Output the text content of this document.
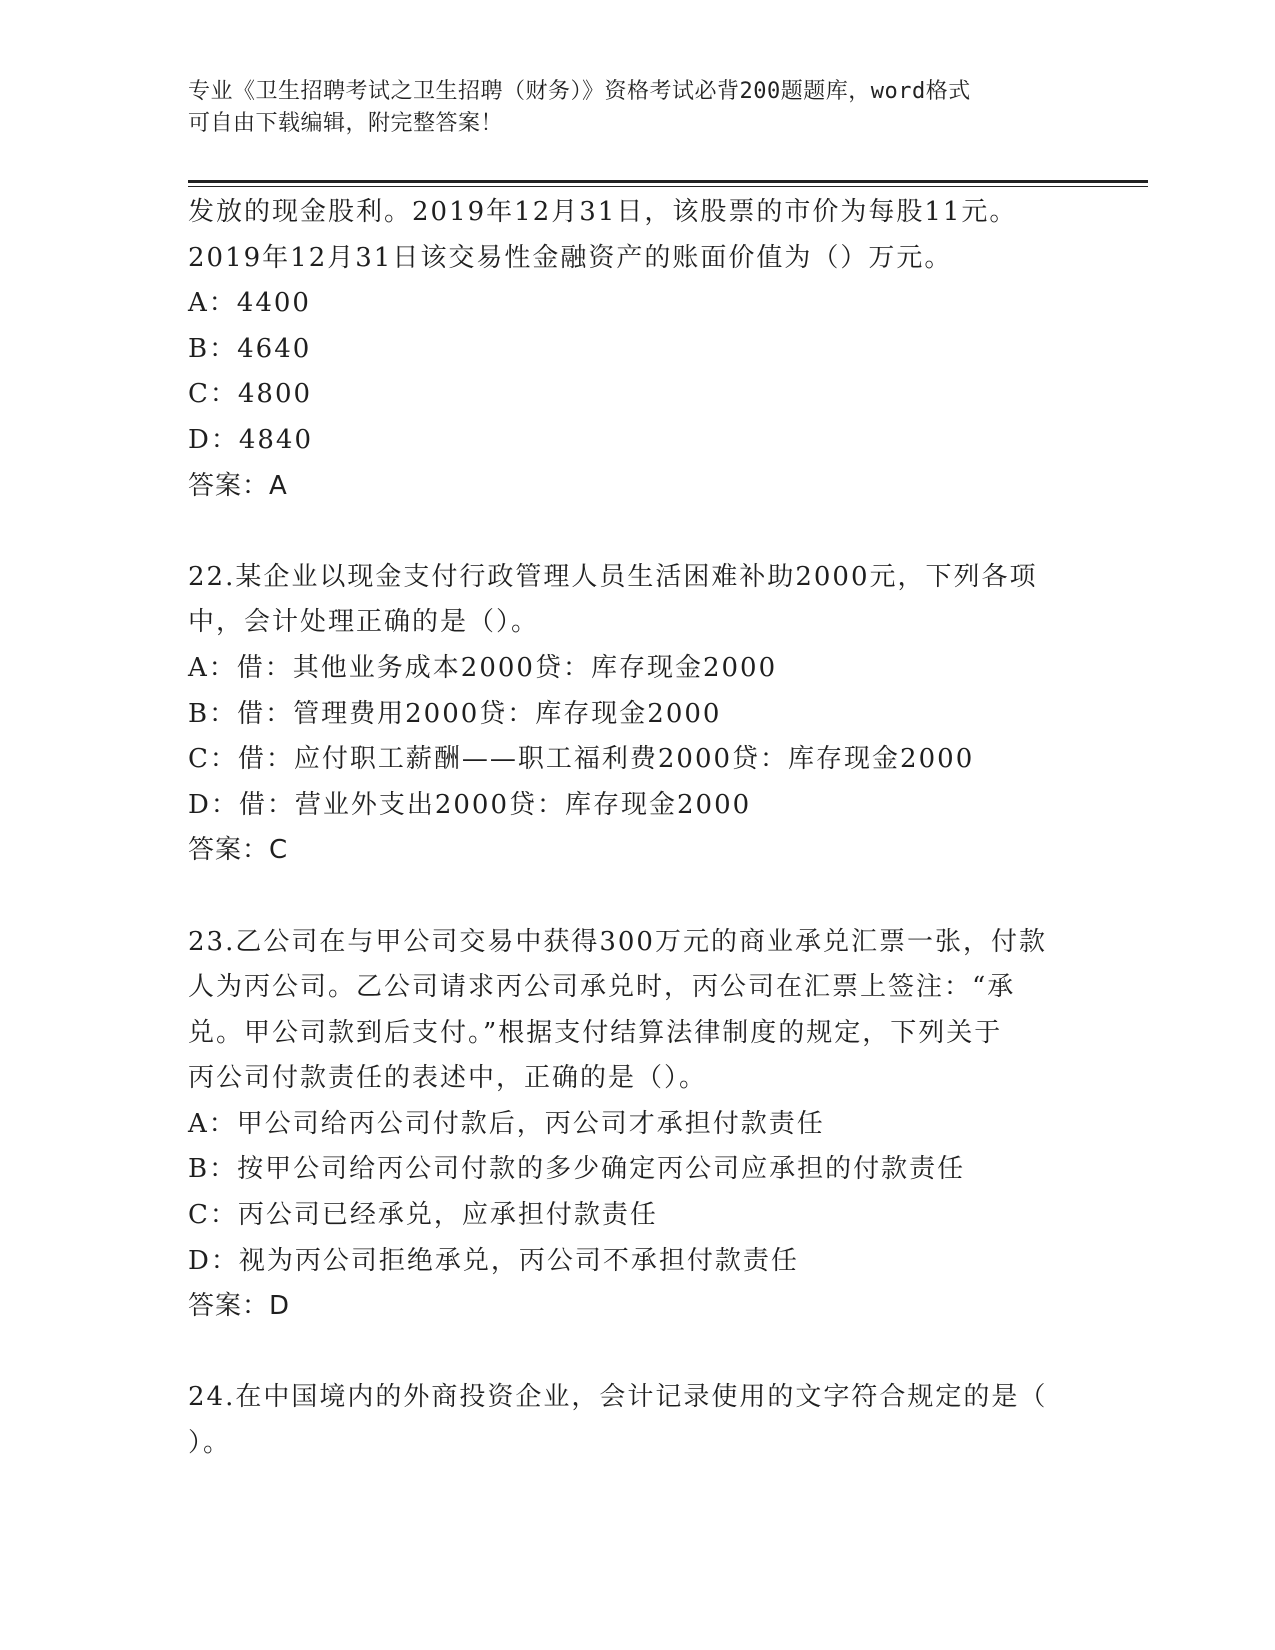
专业《卫生招聘考试之卫生招聘（财务）》资格考试必背200题题库，word格式
可自由下载编辑，附完整答案！
发放的现金股利。2019年12月31日，该股票的市价为每股11元。
2019年12月31日该交易性金融资产的账面价值为（）万元。
A：4400
B：4640
C：4800
D：4840
答案：A
22.某企业以现金支付行政管理人员生活困难补助2000元，下列各项
中，会计处理正确的是（）。
A：借：其他业务成本2000贷：库存现金2000
B：借：管理费用2000贷：库存现金2000
C：借：应付职工薪酬——职工福利费2000贷：库存现金2000
D：借：营业外支出2000贷：库存现金2000
答案：C
23.乙公司在与甲公司交易中获得300万元的商业承兑汇票一张，付款
人为丙公司。乙公司请求丙公司承兑时，丙公司在汇票上签注：“承
兑。甲公司款到后支付。”根据支付结算法律制度的规定，下列关于
丙公司付款责任的表述中，正确的是（）。
A：甲公司给丙公司付款后，丙公司才承担付款责任
B：按甲公司给丙公司付款的多少确定丙公司应承担的付款责任
C：丙公司已经承兑，应承担付款责任
D：视为丙公司拒绝承兑，丙公司不承担付款责任
答案：D
24.在中国境内的外商投资企业，会计记录使用的文字符合规定的是（
）。
